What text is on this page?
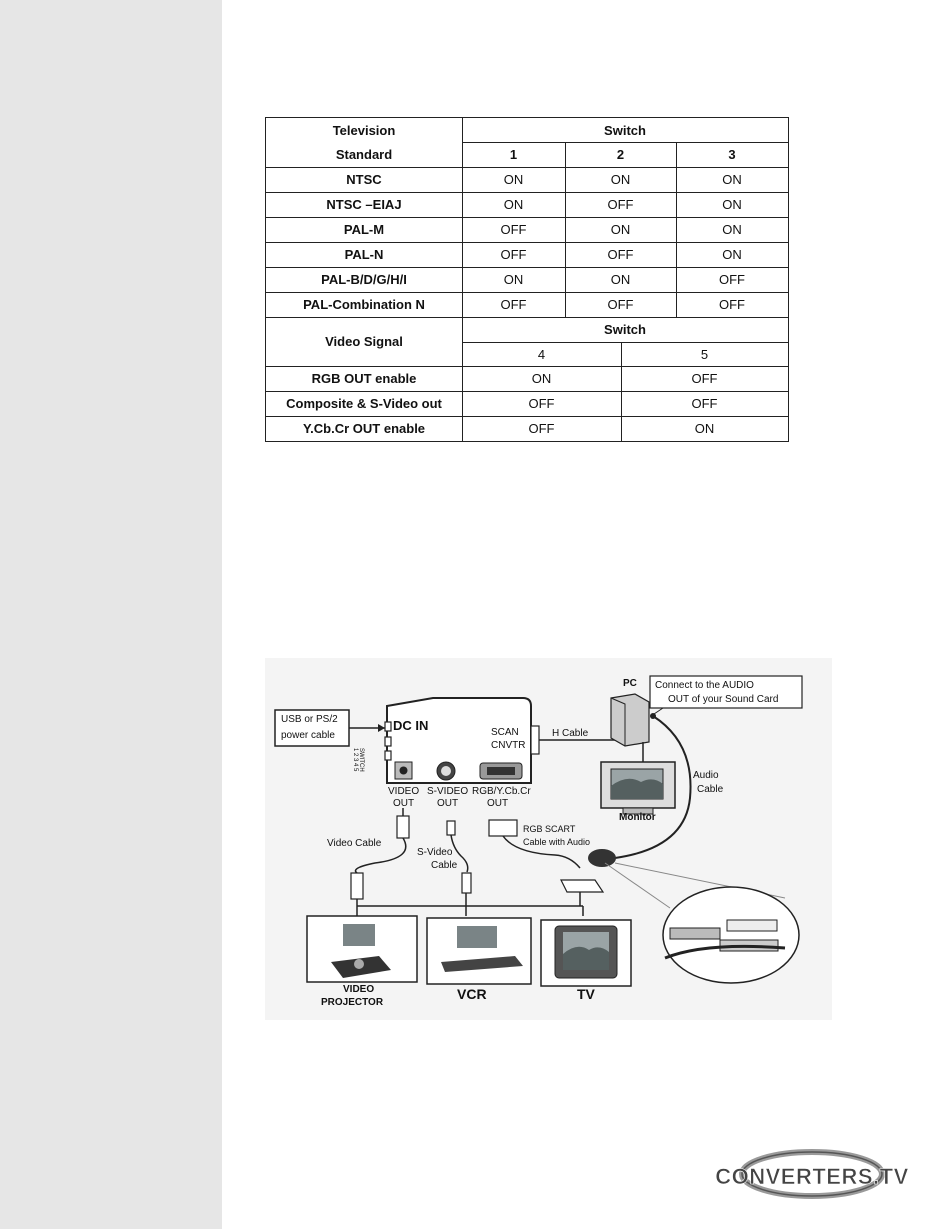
Television
Standard
Switch
1	2	3
NTSC	ON	ON	ON
NTSC –EIAJ	ON	OFF	ON
PAL-M	OFF	ON	ON
PAL-N	OFF	OFF	ON
PAL-B/D/G/H/I	ON	ON	OFF
PAL-Combination N	OFF	OFF	OFF
Video Signal
Switch
4	5
RGB OUT enable	ON	OFF
Composite & S-Video out	OFF	OFF
Y.Cb.Cr OUT enable	OFF	ON
USB or PS/2
power cable
DC IN
1 2 3 4 5 SWITCH
SCAN
CNVTR
H Cable
PC Connect to the AUDIO
OUT of your Sound Card
Audio
Cable
Monitor
VIDEO
OUT
S-VIDEO
OUT
RGB/Y.Cb.Cr
OUT
Video Cable
S-Video
Cable
RGB SCART
Cable with Audio
VIDEO
PROJECTOR
VCR	TV
CONVERTERS.TV
